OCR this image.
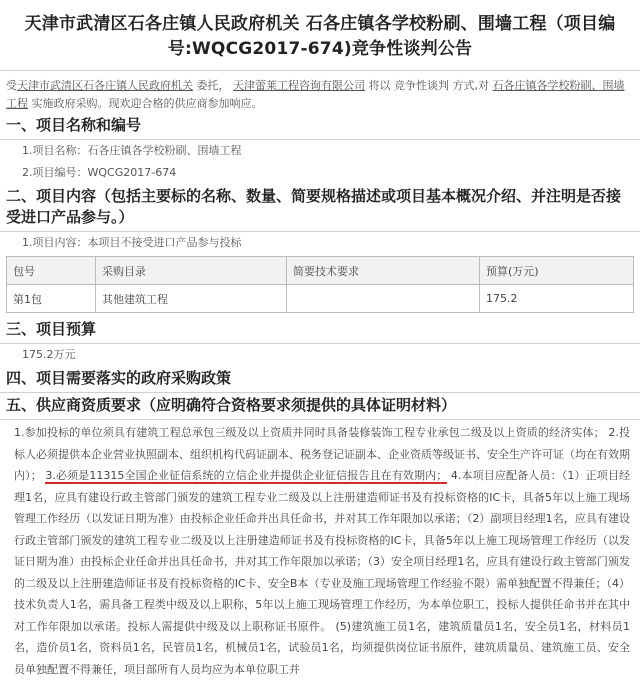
天津市武清区石各庄镇人民政府机关 石各庄镇各学校粉刷、围墙工程（项目编
号:WQCG2017-674)竞争性谈判公告
受天津市武清区石各庄镇人民政府机关 委托， 天津蕾莱工程咨询有限公司 将以 竞争性谈判 方式,对 石各庄镇各学校粉刷、围墙工程 实施政府采购。现欢迎合格的供应商参加响应。
一、项目名称和编号
1.项目名称：石各庄镇各学校粉刷、围墙工程
2.项目编号：WQCG2017-674
二、项目内容（包括主要标的名称、数量、简要规格描述或项目基本概况介绍、并注明是否接受进口产品参与。）
1.项目内容：本项目不接受进口产品参与投标
包号	采购目录	简要技术要求	预算(万元)
第1包	其他建筑工程		175.2
三、项目预算
175.2万元
四、项目需要落实的政府采购政策
五、供应商资质要求（应明确符合资格要求须提供的具体证明材料）
1.参加投标的单位须具有建筑工程总承包三级及以上资质并同时具备装修装饰工程专业承包二级及以上资质的经济实体； 2.投标人必须提供本企业营业执照副本、组织机构代码证副本、税务登记证副本、企业资质等级证书、安全生产许可证（均在有效期内）； 3.必须是11315全国企业征信系统的立信企业并提供企业征信报告且在有效期内； 4.本项目应配备人员：（1）正项目经理1名，应具有建设行政主管部门颁发的建筑工程专业二级及以上注册建造师证书及有投标资格的IC卡，具备5年以上施工现场管理工作经历（以发证日期为准）由投标企业任命并出具任命书，并对其工作年限加以承诺；（2）副项目经理1名，应具有建设行政主管部门颁发的建筑工程专业二级及以上注册建造师证书及有投标资格的IC卡，具备5年以上施工现场管理工作经历（以发证日期为准）由投标企业任命并出具任命书，并对其工作年限加以承诺；（3）安全项目经理1名，应具有建设行政主管部门颁发的二级及以上注册建造师证书及有投标资格的IC卡、安全B本（专业及施工现场管理工作经验不限）需单独配置不得兼任；（4）技术负责人1名，需具备工程类中级及以上职称，5年以上施工现场管理工作经历，为本单位职工，投标人提供任命书并在其中对工作年限加以承诺。投标人需提供中级及以上职称证书原件。 (5)建筑施工员1名，建筑质量员1名，安全员1名，材料员1名，造价员1名，资料员1名，民管员1名，机械员1名，试验员1名，均须提供岗位证书原件，建筑质量员、建筑施工员、安全员单独配置不得兼任，项目部所有人员均应为本单位职工并
